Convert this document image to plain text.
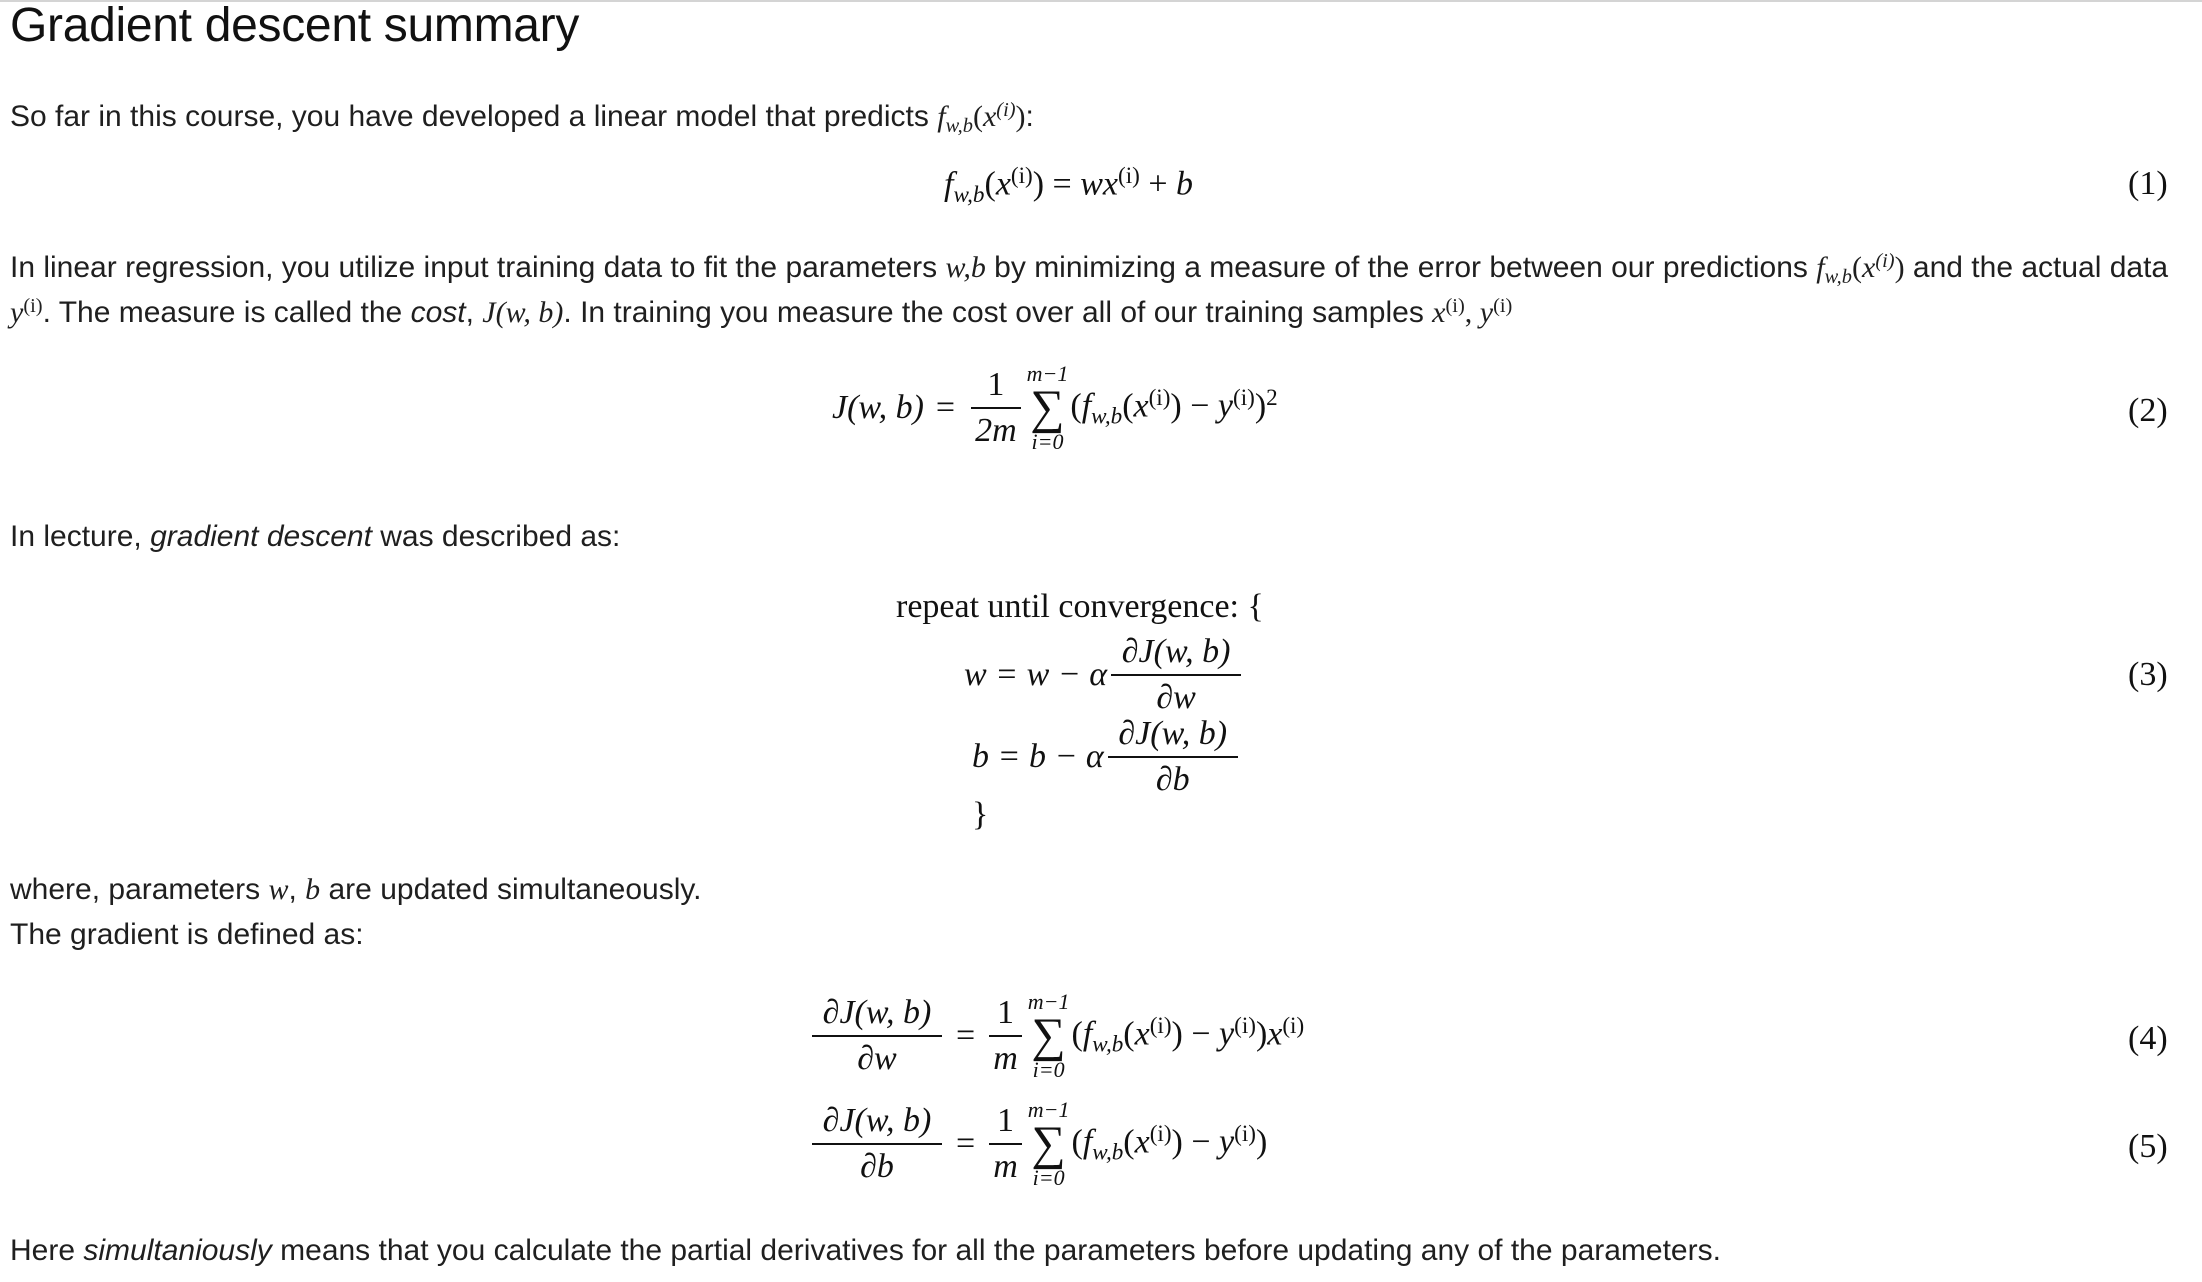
Gradient descent summary
So far in this course, you have developed a linear model that predicts $f_{w,b}(x^{(i)})$:
$f_{w,b}(x^{(i)}) = wx^{(i)} + b$	(1)
In linear regression, you utilize input training data to fit the parameters w,b by minimizing a measure of the error between our predictions $f_{w,b}(x^{(i)})$ and the actual data
$y^{(i)}$. The measure is called the cost, J(w, b). In training you measure the cost over all of our training samples $x^{(i)}$, $y^{(i)}$
J(w, $b) = \frac{1}{2m} m-1$
∑
i=0
$(f_{w,b}(x^{(i)}) - y^{(i)})^2$	(2)
In lecture, gradient descent was described as:
repeat until convergence: {
w = w − α $\frac{\partial J(w, b)}{\partial w}$
b = b − α $\frac{\partial J(w, b)}{\partial b}$
}
(3)
where, parameters w, b are updated simultaneously.
The gradient is defined as:
$\frac{\partial J(w, b)}{\partial w} = \frac{1}{m} m-1$
∑
i=0
$(f_{w,b}(x^{(i)}) - y^{(i)})x^{(i)}$	(4)
$\frac{\partial J(w, b)}{\partial b} = \frac{1}{m} m-1$
∑
i=0
$(f_{w,b}(x^{(i)}) - y^{(i)})$	(5)
Here simultaniously means that you calculate the partial derivatives for all the parameters before updating any of the parameters.
